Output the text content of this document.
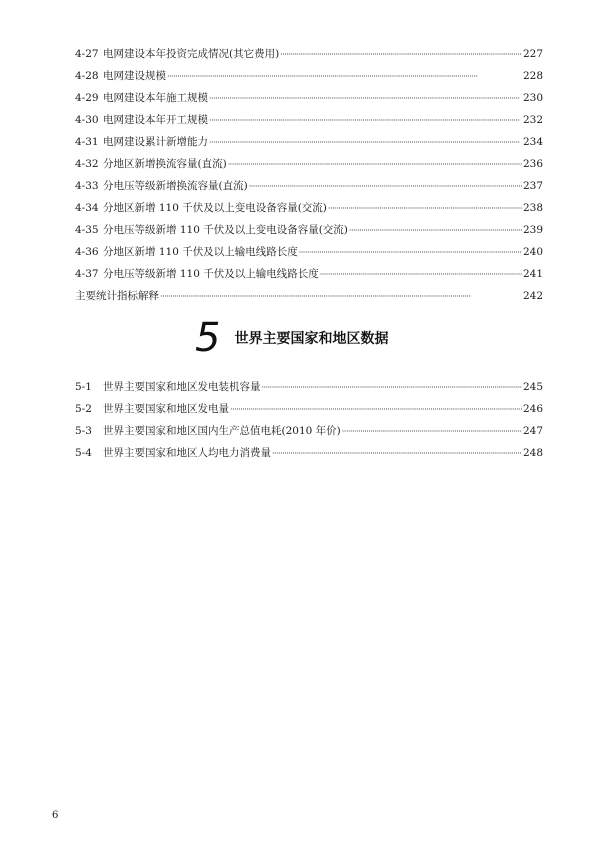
4-27 电网建设本年投资完成情况(其它费用) ·····	227
4-28 电网建设规模 ·····	228
4-29 电网建设本年施工规模 ·····	230
4-30 电网建设本年开工规模 ·····	232
4-31 电网建设累计新增能力 ·····	234
4-32 分地区新增换流容量(直流) ·····	236
4-33 分电压等级新增换流容量(直流) ·····	237
4-34 分地区新增 110 千伏及以上变电设备容量(交流) ·····	238
4-35 分电压等级新增 110 千伏及以上变电设备容量(交流) ·····	239
4-36 分地区新增 110 千伏及以上输电线路长度 ·····	240
4-37 分电压等级新增 110 千伏及以上输电线路长度 ·····	241
主要统计指标解释 ·····	242
5 世界主要国家和地区数据
5-1	世界主要国家和地区发电装机容量 ·····	245
5-2	世界主要国家和地区发电量 ·····	246
5-3	世界主要国家和地区国内生产总值电耗(2010 年价) ·····	247
5-4	世界主要国家和地区人均电力消费量 ·····	248
6
